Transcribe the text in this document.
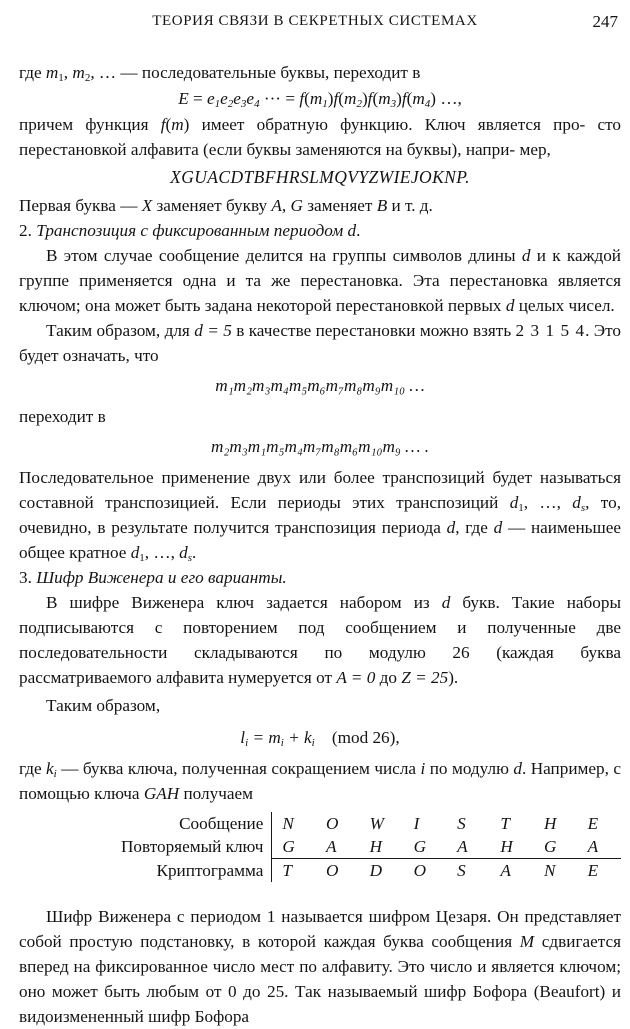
ТЕОРИЯ СВЯЗИ В СЕКРЕТНЫХ СИСТЕМАХ	247

где $m_1$, $m_2$, … — последовательные буквы, переходит в

$E = e_1e_2e_3e_4$ ··· = $f(m_1)f(m_2)f(m_3)f(m_4)$ …,

причем функция f(m) имеет обратную функцию. Ключ является про- сто перестановкой алфавита (если буквы заменяются на буквы), напри- мер,

XGUACDTBFHRSLMQVYZWIEJOKNP.

Первая буква — X заменяет букву A, G заменяет B и т. д.

2. Транспозиция с фиксированным периодом d.

В этом случае сообщение делится на группы символов длины d и к каждой группе применяется одна и та же перестановка. Эта перестановка является ключом; она может быть задана некоторой перестановкой первых d целых чисел.

Таким образом, для d = 5 в качестве перестановки можно взять 2 3 1 5 4. Это будет означать, что

m₁m₂m₃m₄m₅m₆m₇m₈m₉m₁₀ …

переходит в

m₂m₃m₁m₅m₄m₇m₈m₆m₁₀m₉ … .

Последовательное применение двух или более транспозиций будет называться составной транспозицией. Если периоды этих транспозиций $d_1$, …, $d_s$, то, очевидно, в результате получится транспозиция периода d, где d — наименьшее общее кратное $d_1$, …, $d_s$.

3. Шифр Виженера и его варианты.

В шифре Виженера ключ задается набором из d букв. Такие наборы подписываются с повторением под сообщением и полученные две последовательности складываются по модулю 26 (каждая буква рассматриваемого алфавита нумеруется от A = 0 до Z = 25).

Таким образом,

$l_i = m_i + k_i$ (mod 26),

где $k_i$ — буква ключа, полученная сокращением числа i по модулю d. Например, с помощью ключа GAH получаем

Сообщение	N	O	W	I	S	T	H	E
Повторяемый ключ	G	A	H	G	A	H	G	A
Криптограмма	T	O	D	O	S	A	N	E

Шифр Виженера с периодом 1 называется шифром Цезаря. Он представляет собой простую подстановку, в которой каждая буква сообщения M сдвигается вперед на фиксированное число мест по алфавиту. Это число и является ключом; оно может быть любым от 0 до 25. Так называемый шифр Бофора (Beaufort) и видоизмененный шифр Бофора
